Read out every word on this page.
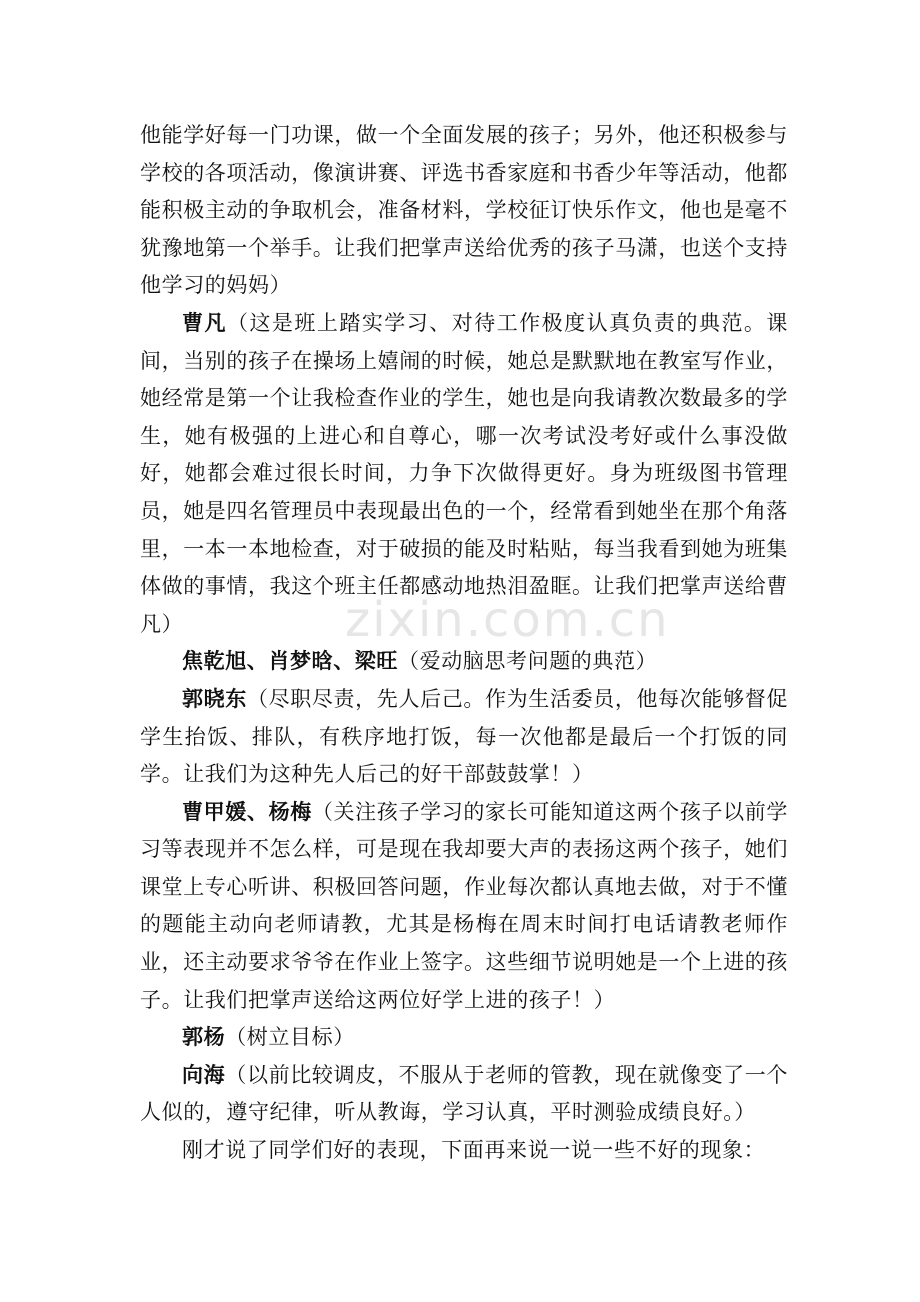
zixin.com.cn

他能学好每一门功课，做一个全面发展的孩子；另外，他还积极参与学校的各项活动，像演讲赛、评选书香家庭和书香少年等活动，他都能积极主动的争取机会，准备材料，学校征订快乐作文，他也是毫不犹豫地第一个举手。让我们把掌声送给优秀的孩子马潇，也送个支持他学习的妈妈）

曹凡（这是班上踏实学习、对待工作极度认真负责的典范。课间，当别的孩子在操场上嬉闹的时候，她总是默默地在教室写作业，她经常是第一个让我检查作业的学生，她也是向我请教次数最多的学生，她有极强的上进心和自尊心，哪一次考试没考好或什么事没做好，她都会难过很长时间，力争下次做得更好。身为班级图书管理员，她是四名管理员中表现最出色的一个，经常看到她坐在那个角落里，一本一本地检查，对于破损的能及时粘贴，每当我看到她为班集体做的事情，我这个班主任都感动地热泪盈眶。让我们把掌声送给曹凡）

焦乾旭、肖梦晗、梁旺（爱动脑思考问题的典范）

郭晓东（尽职尽责，先人后己。作为生活委员，他每次能够督促学生抬饭、排队，有秩序地打饭，每一次他都是最后一个打饭的同学。让我们为这种先人后己的好干部鼓鼓掌！）

曹甲媛、杨梅（关注孩子学习的家长可能知道这两个孩子以前学习等表现并不怎么样，可是现在我却要大声的表扬这两个孩子，她们课堂上专心听讲、积极回答问题，作业每次都认真地去做，对于不懂的题能主动向老师请教，尤其是杨梅在周末时间打电话请教老师作业，还主动要求爷爷在作业上签字。这些细节说明她是一个上进的孩子。让我们把掌声送给这两位好学上进的孩子！）

郭杨（树立目标）

向海（以前比较调皮，不服从于老师的管教，现在就像变了一个人似的，遵守纪律，听从教诲，学习认真，平时测验成绩良好。）

刚才说了同学们好的表现，下面再来说一说一些不好的现象：
